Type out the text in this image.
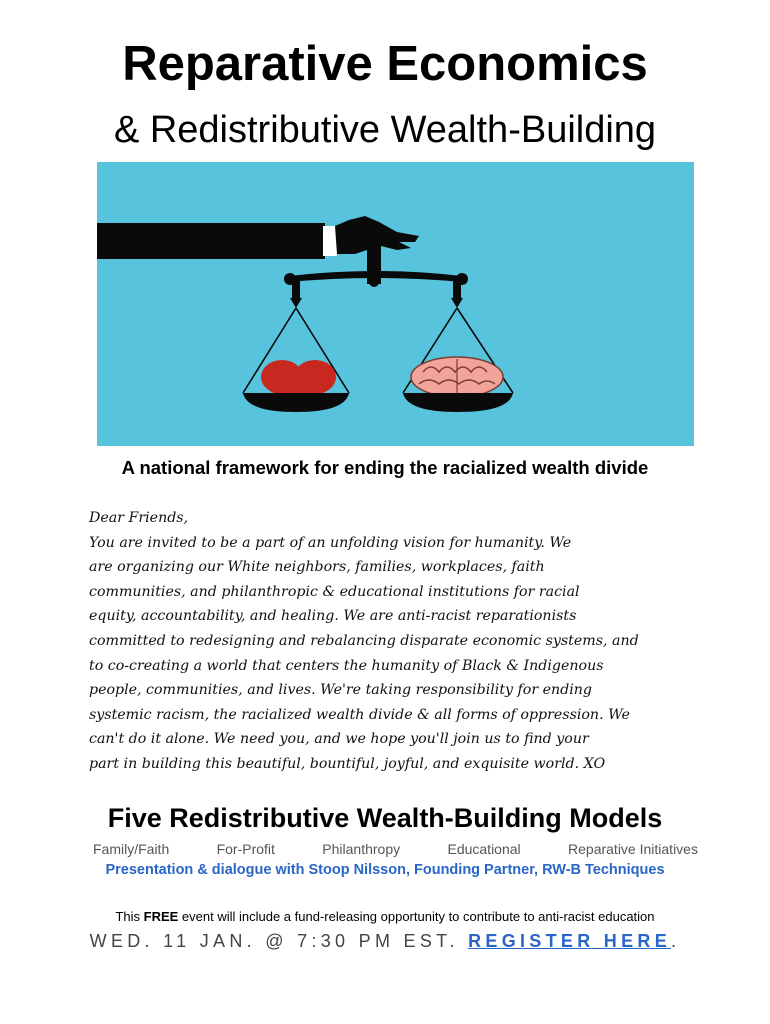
Reparative Economics
& Redistributive Wealth-Building
A national framework for ending the racialized wealth divide

Dear Friends,

You are invited to be a part of an unfolding vision for humanity. We

are organizing our White neighbors, families, workplaces, faith

communities, and philanthropic & educational institutions for racial

equity, accountability, and healing. We are anti-racist reparationists

committed to redesigning and rebalancing disparate economic systems, and

to co-creating a world that centers the humanity of Black & Indigenous

people, communities, and lives. We're taking responsibility for ending

systemic racism, the racialized wealth divide & all forms of oppression. We

can't do it alone. We need you, and we hope you'll join us to find your

part in building this beautiful, bountiful, joyful, and exquisite world. XO

Five Redistributive Wealth-Building Models
Family/Faith	For-Profit	Philanthropy	Educational	Reparative Initiatives
Presentation & dialogue with Stoop Nilsson, Founding Partner, RW-B Techniques
This FREE event will include a fund-releasing opportunity to contribute to anti-racist education
WED. 11 JAN. @ 7:30 PM EST. REGISTER HERE.
